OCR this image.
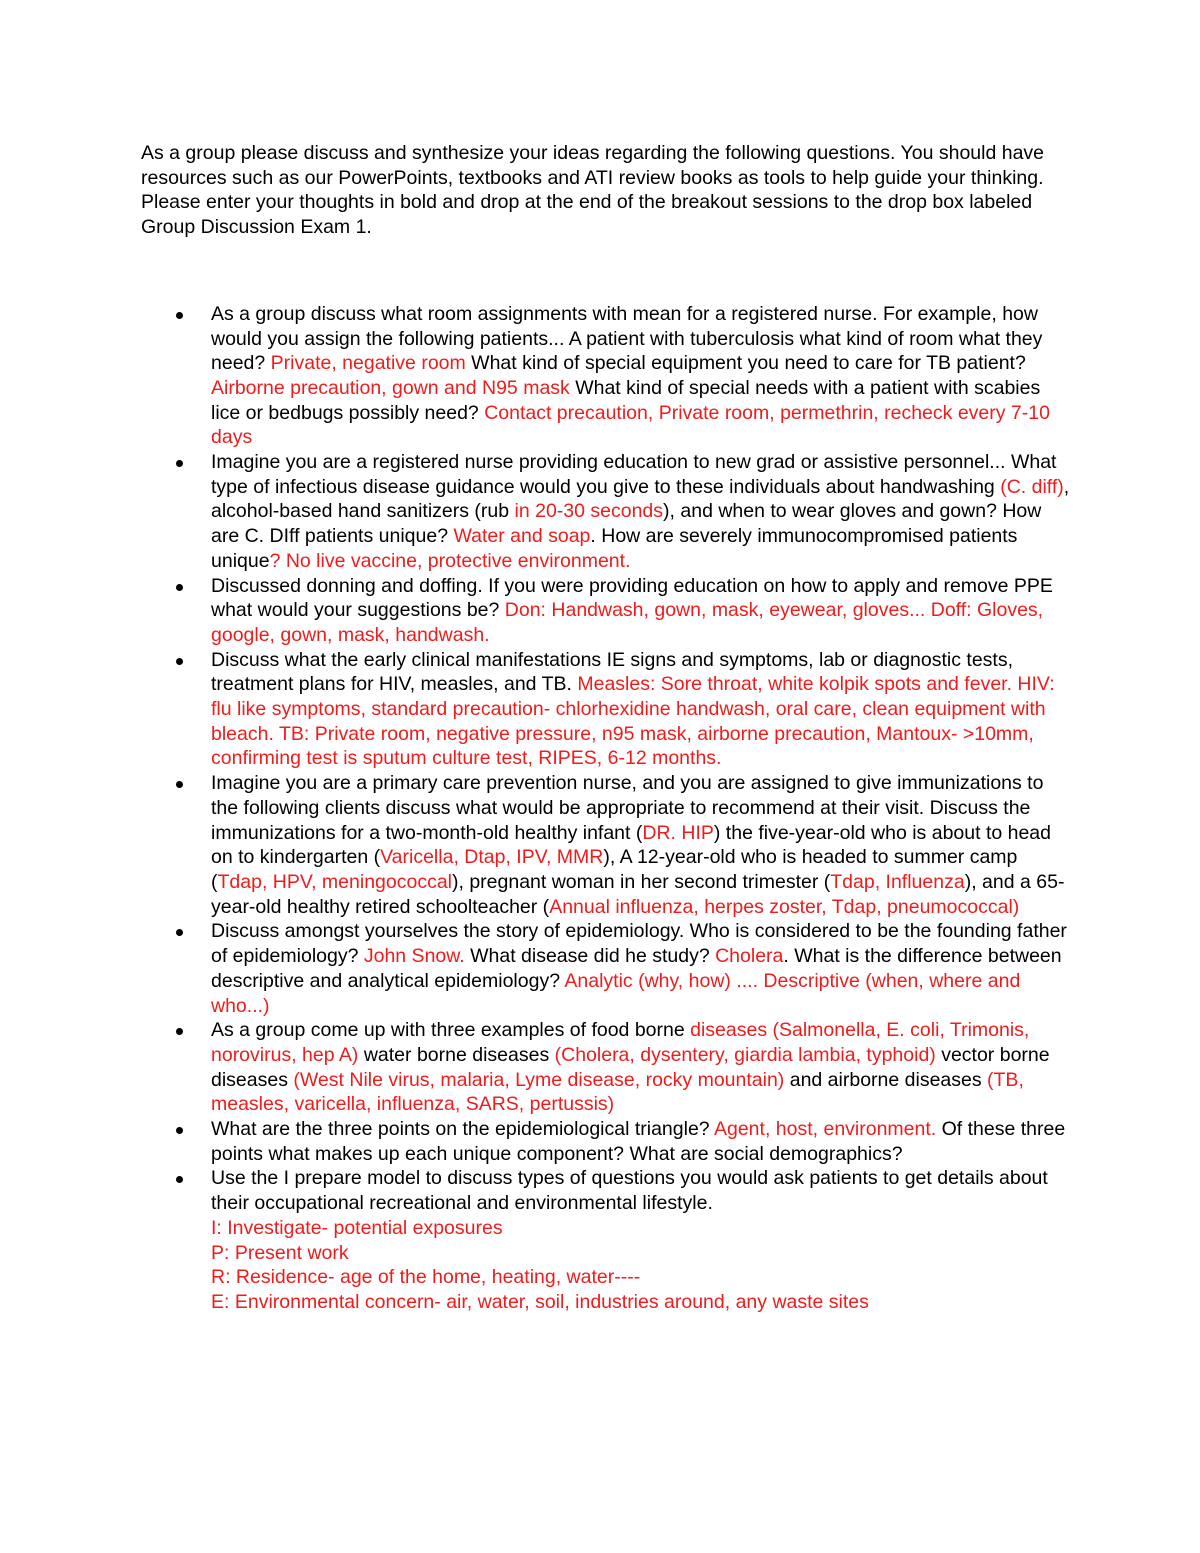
As a group please discuss and synthesize your ideas regarding the following questions. You should have resources such as our PowerPoints, textbooks and ATI review books as tools to help guide your thinking. Please enter your thoughts in bold and drop at the end of the breakout sessions to the drop box labeled Group Discussion Exam 1.

As a group discuss what room assignments with mean for a registered nurse. For example, how would you assign the following patients... A patient with tuberculosis what kind of room what they need? Private, negative room What kind of special equipment you need to care for TB patient? Airborne precaution, gown and N95 mask What kind of special needs with a patient with scabies lice or bedbugs possibly need? Contact precaution, Private room, permethrin, recheck every 7-10 days
Imagine you are a registered nurse providing education to new grad or assistive personnel... What type of infectious disease guidance would you give to these individuals about handwashing (C. diff), alcohol-based hand sanitizers (rub in 20-30 seconds), and when to wear gloves and gown? How are C. DIff patients unique? Water and soap. How are severely immunocompromised patients unique? No live vaccine, protective environment.
Discussed donning and doffing. If you were providing education on how to apply and remove PPE what would your suggestions be? Don: Handwash, gown, mask, eyewear, gloves... Doff: Gloves, google, gown, mask, handwash.
Discuss what the early clinical manifestations IE signs and symptoms, lab or diagnostic tests, treatment plans for HIV, measles, and TB. Measles: Sore throat, white kolpik spots and fever. HIV: flu like symptoms, standard precaution- chlorhexidine handwash, oral care, clean equipment with bleach. TB: Private room, negative pressure, n95 mask, airborne precaution, Mantoux- >10mm, confirming test is sputum culture test, RIPES, 6-12 months.
Imagine you are a primary care prevention nurse, and you are assigned to give immunizations to the following clients discuss what would be appropriate to recommend at their visit. Discuss the immunizations for a two-month-old healthy infant (DR. HIP) the five-year-old who is about to head on to kindergarten (Varicella, Dtap, IPV, MMR), A 12-year-old who is headed to summer camp (Tdap, HPV, meningococcal), pregnant woman in her second trimester (Tdap, Influenza), and a 65-year-old healthy retired schoolteacher (Annual influenza, herpes zoster, Tdap, pneumococcal)
Discuss amongst yourselves the story of epidemiology. Who is considered to be the founding father of epidemiology? John Snow. What disease did he study? Cholera. What is the difference between descriptive and analytical epidemiology? Analytic (why, how) .... Descriptive (when, where and who...)
As a group come up with three examples of food borne diseases (Salmonella, E. coli, Trimonis, norovirus, hep A) water borne diseases (Cholera, dysentery, giardia lambia, typhoid) vector borne diseases (West Nile virus, malaria, Lyme disease, rocky mountain) and airborne diseases (TB, measles, varicella, influenza, SARS, pertussis)
What are the three points on the epidemiological triangle? Agent, host, environment. Of these three points what makes up each unique component? What are social demographics?
Use the I prepare model to discuss types of questions you would ask patients to get details about their occupational recreational and environmental lifestyle.
I: Investigate- potential exposures
P: Present work
R: Residence- age of the home, heating, water----
E: Environmental concern- air, water, soil, industries around, any waste sites
